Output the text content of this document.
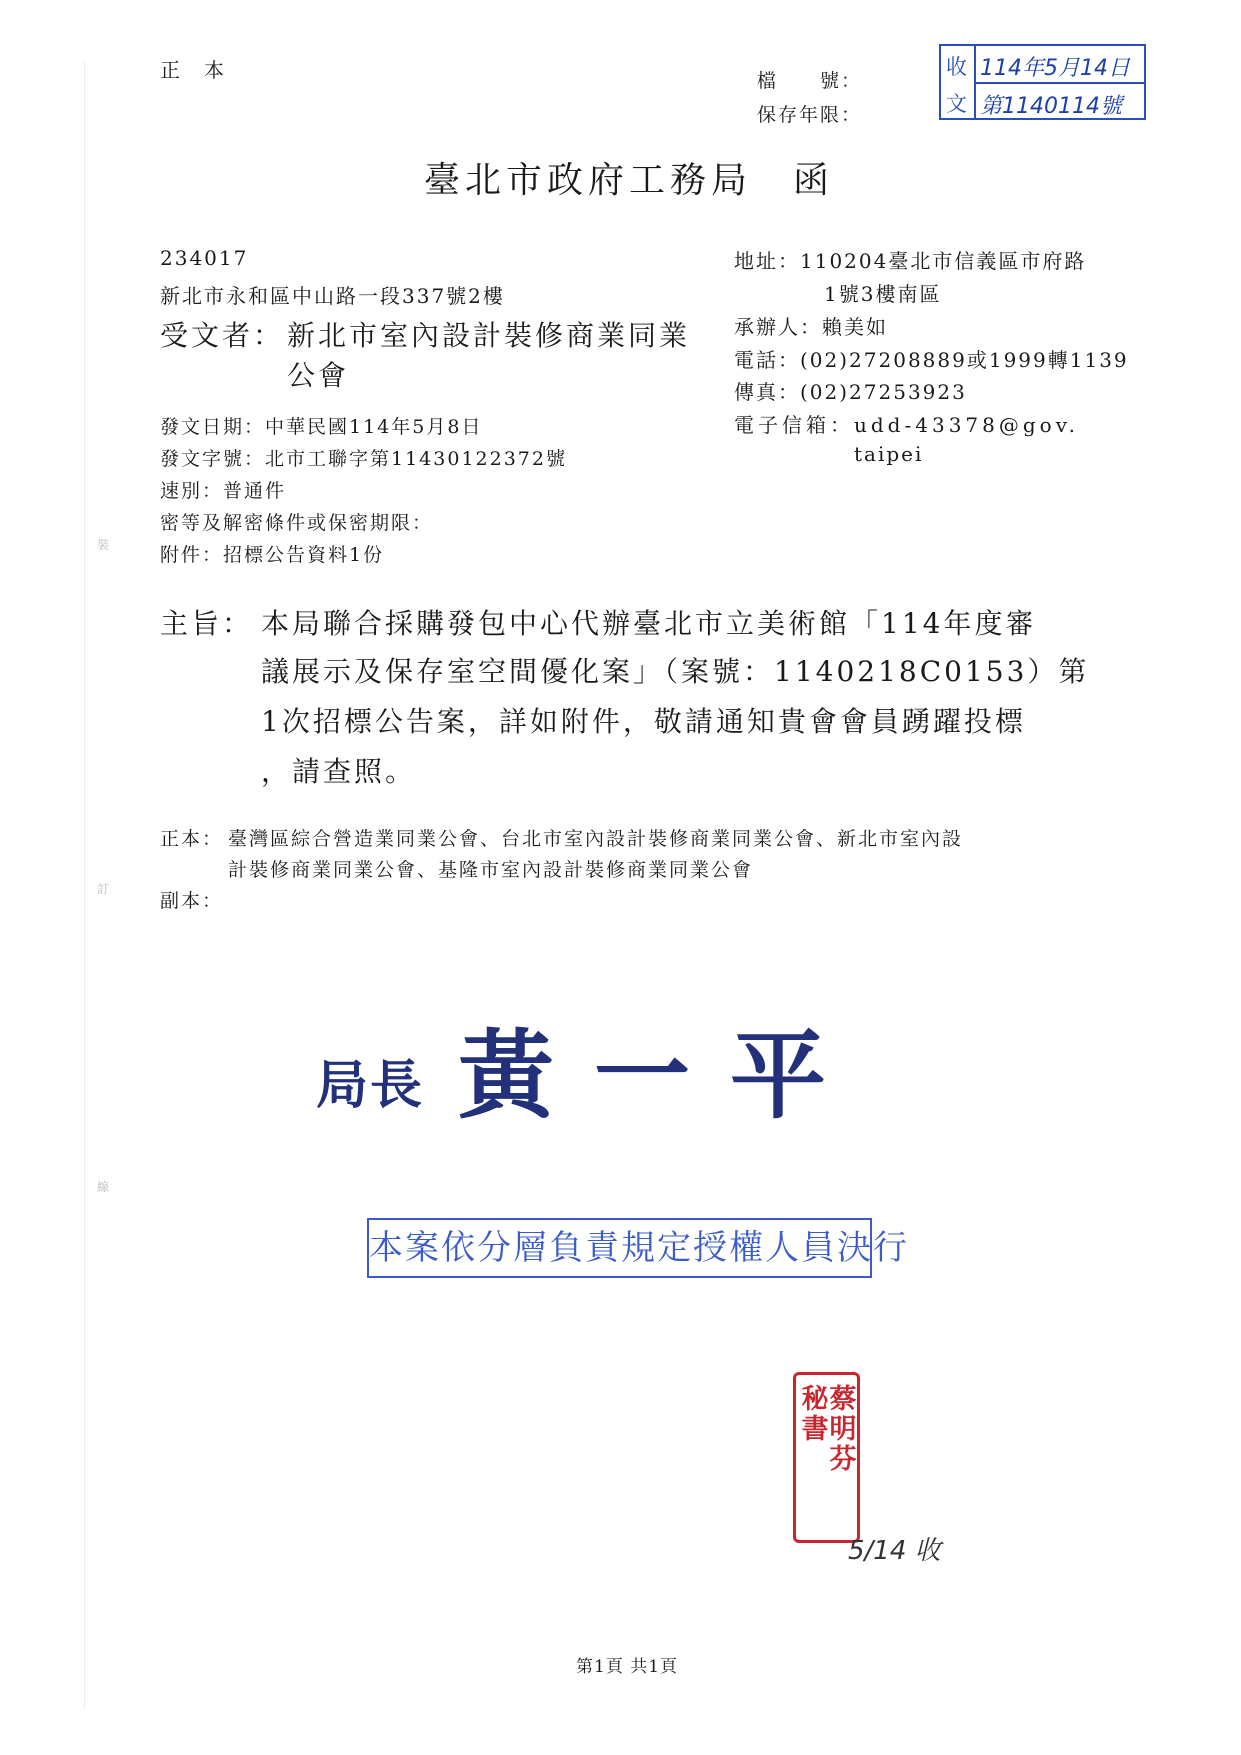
裝
訂
線
正　本	檔　　號：
保存年限：
收
文
114年5月14日
第1140114號
臺北市政府工務局　函
234017
新北市永和區中山路一段337號2樓
受文者： 新北市室內設計裝修商業同業
公會
地址：110204臺北市信義區市府路
1號3樓南區
承辦人：賴美如
電話：(02)27208889或1999轉1139
傳真：(02)27253923
電子信箱：udd-43378@gov.
taipei
發文日期：中華民國114年5月8日
發文字號：北市工聯字第11430122372號
速別：普通件
密等及解密條件或保密期限：
附件：招標公告資料1份
主旨： 本局聯合採購發包中心代辦臺北市立美術館「114年度審
議展示及保存室空間優化案」（案號：1140218C0153）第
1次招標公告案，詳如附件，敬請通知貴會會員踴躍投標
，請查照。
正本： 臺灣區綜合營造業同業公會、台北市室內設計裝修商業同業公會、新北市室內設
計裝修商業同業公會、基隆市室內設計裝修商業同業公會
副本：
局長 黃一平
本案依分層負責規定授權人員決行
秘
書
蔡
明
芬
5/14 收
第1頁 共1頁
